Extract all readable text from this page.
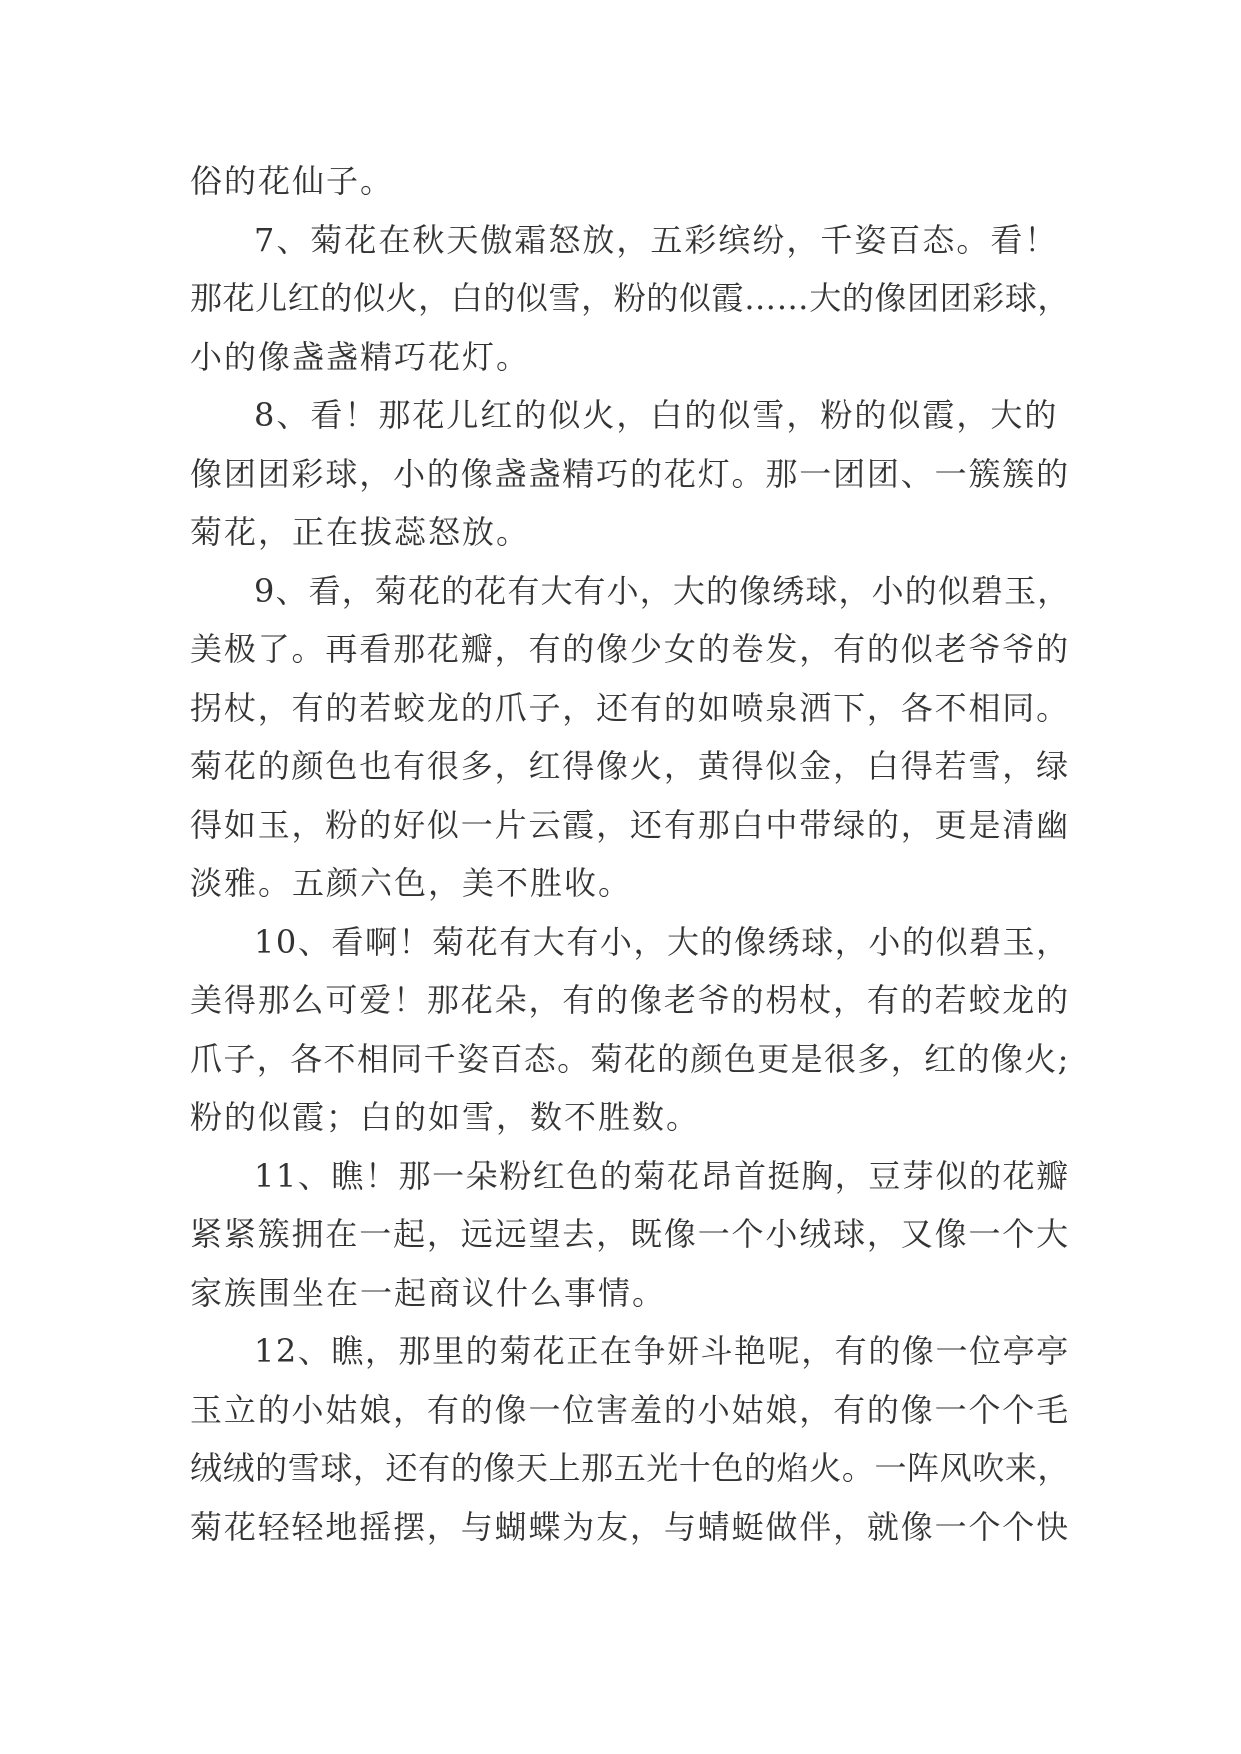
俗的花仙子。
7、菊花在秋天傲霜怒放，五彩缤纷，千姿百态。看！
那花儿红的似火，白的似雪，粉的似霞……大的像团团彩球，
小的像盏盏精巧花灯。
8、看！那花儿红的似火，白的似雪，粉的似霞，大的
像团团彩球，小的像盏盏精巧的花灯。那一团团、一簇簇的
菊花，正在拔蕊怒放。
9、看，菊花的花有大有小，大的像绣球，小的似碧玉，
美极了。再看那花瓣，有的像少女的卷发，有的似老爷爷的
拐杖，有的若蛟龙的爪子，还有的如喷泉洒下，各不相同。
菊花的颜色也有很多，红得像火，黄得似金，白得若雪，绿
得如玉，粉的好似一片云霞，还有那白中带绿的，更是清幽
淡雅。五颜六色，美不胜收。
10、看啊！菊花有大有小，大的像绣球，小的似碧玉，
美得那么可爱！那花朵，有的像老爷的枴杖，有的若蛟龙的
爪子，各不相同千姿百态。菊花的颜色更是很多，红的像火;
粉的似霞；白的如雪，数不胜数。
11、瞧！那一朵粉红色的菊花昂首挺胸，豆芽似的花瓣
紧紧簇拥在一起，远远望去，既像一个小绒球，又像一个大
家族围坐在一起商议什么事情。
12、瞧，那里的菊花正在争妍斗艳呢，有的像一位亭亭
玉立的小姑娘，有的像一位害羞的小姑娘，有的像一个个毛
绒绒的雪球，还有的像天上那五光十色的焰火。一阵风吹来，
菊花轻轻地摇摆，与蝴蝶为友，与蜻蜓做伴，就像一个个快
